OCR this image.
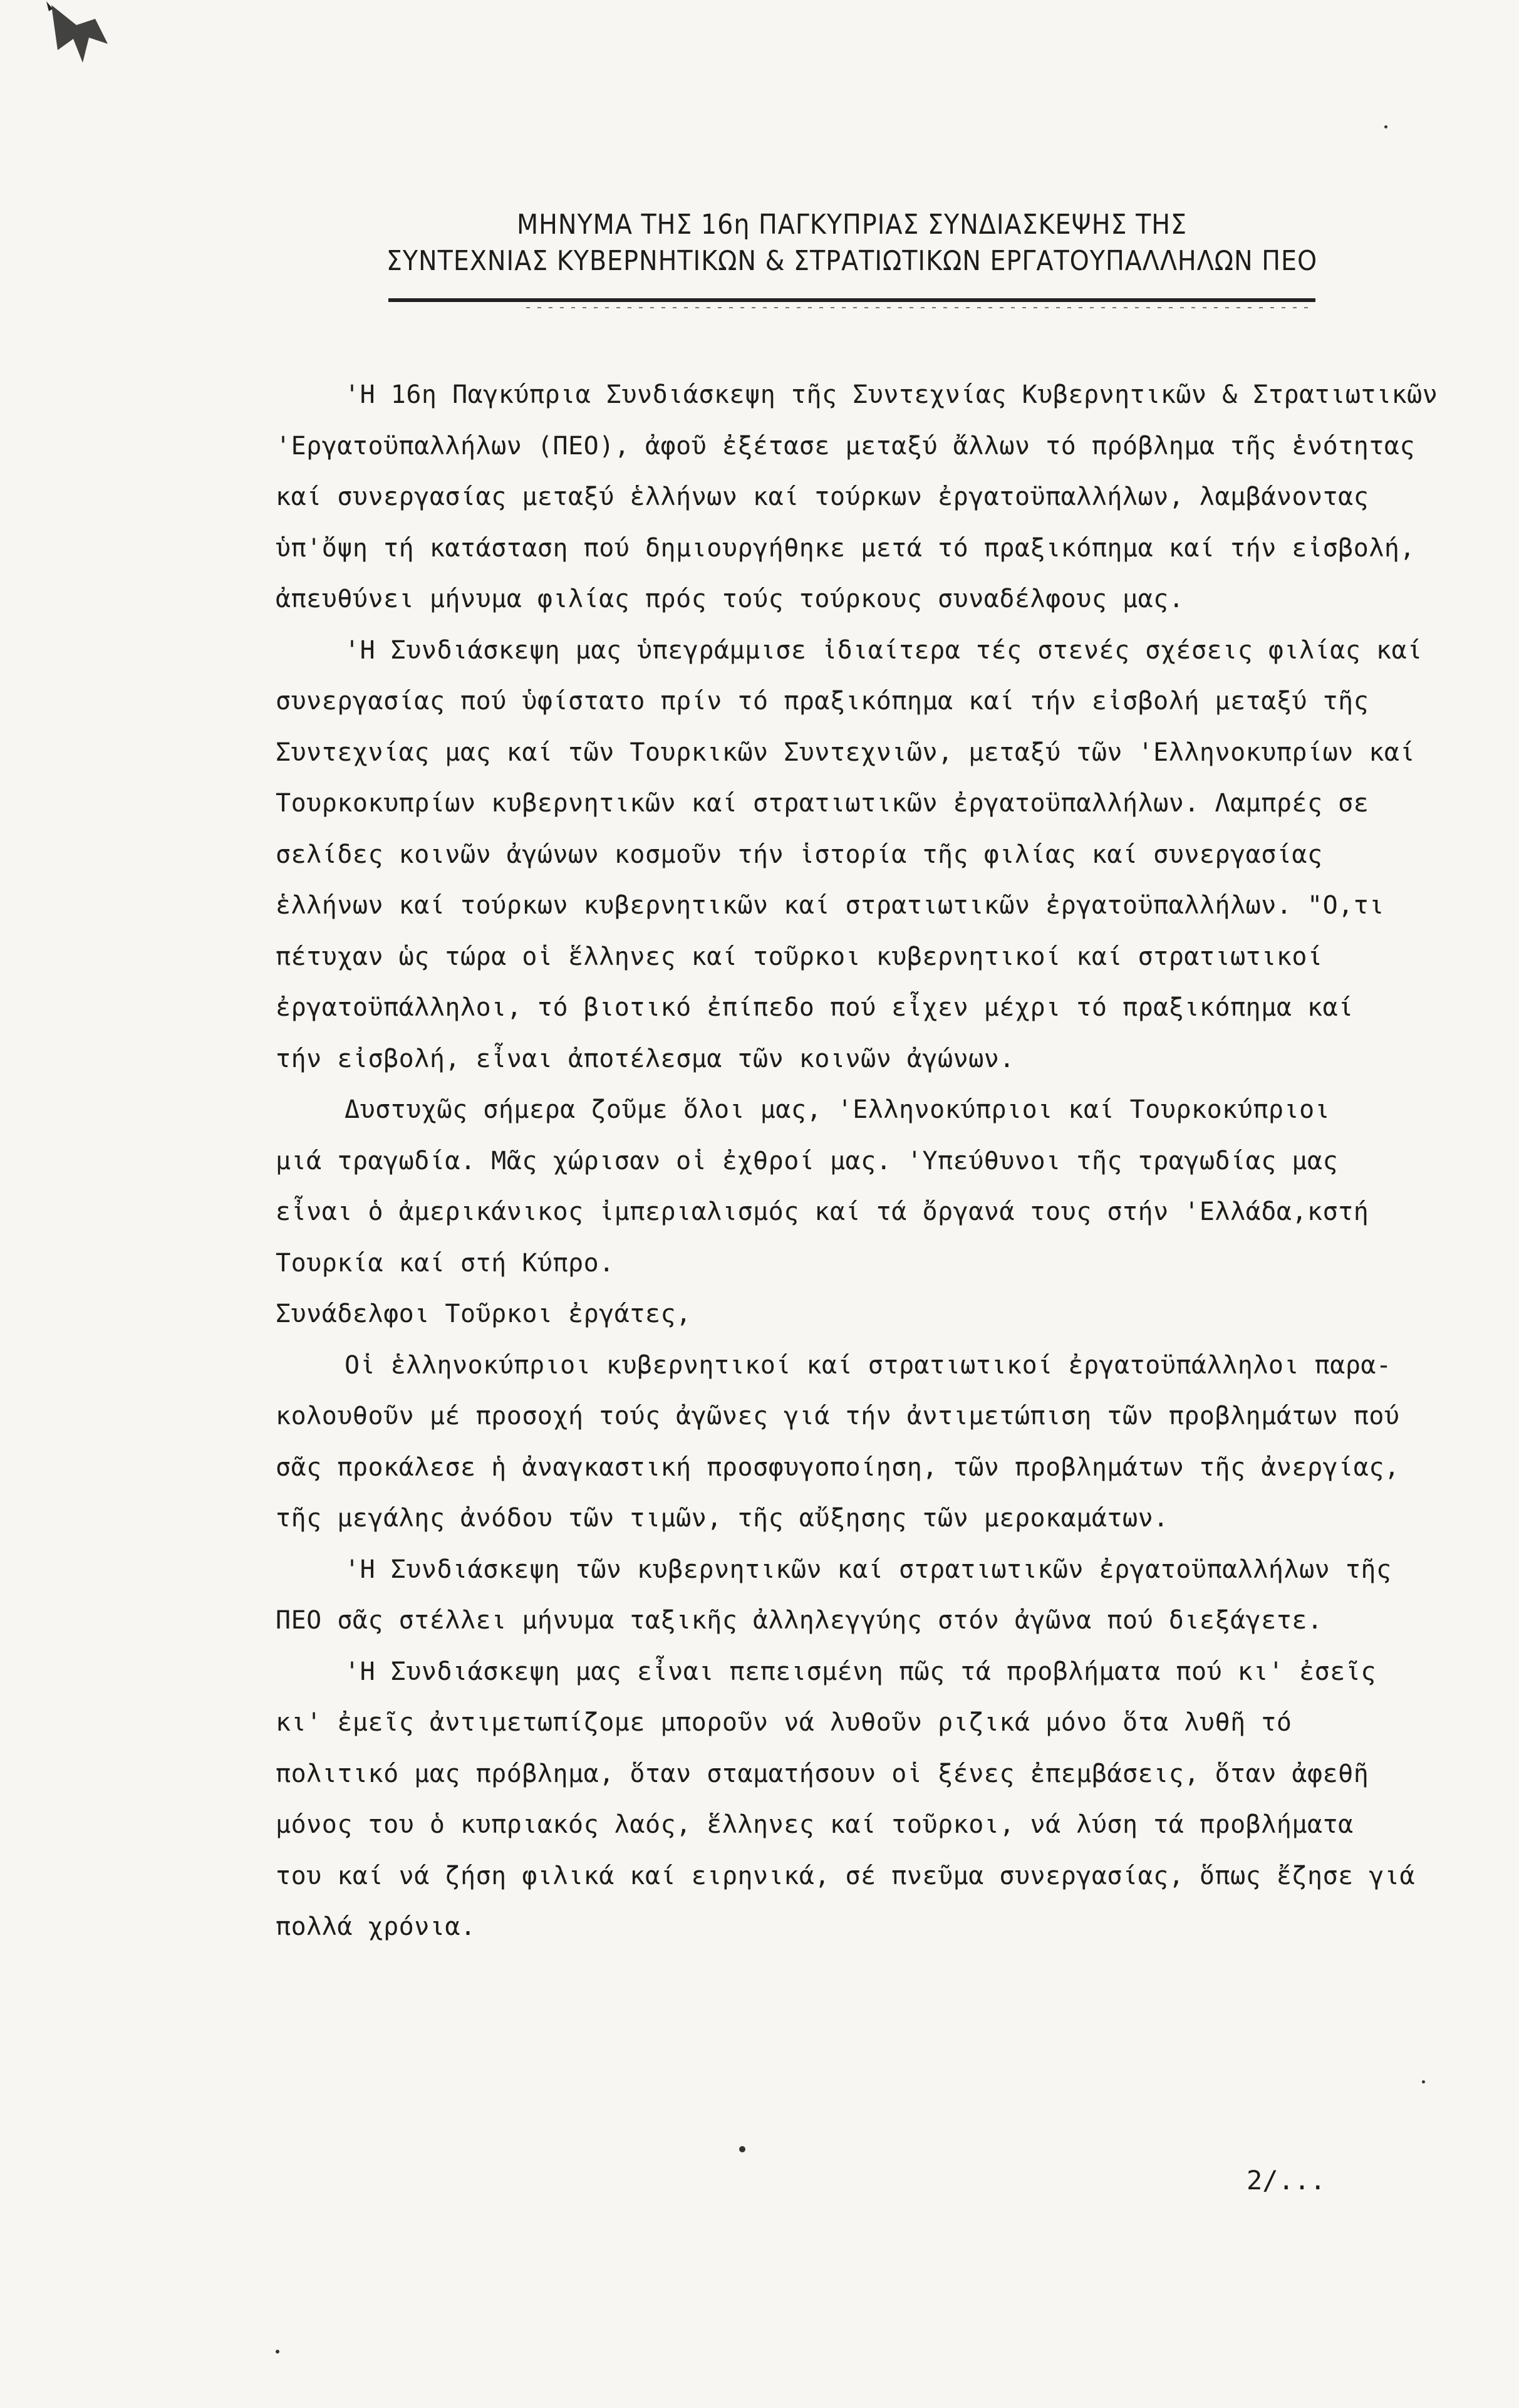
ΜΗΝΥΜΑ ΤΗΣ 16η ΠΑΓΚΥΠΡΙΑΣ ΣΥΝΔΙΑΣΚΕΨΗΣ ΤΗΣ
ΣΥΝΤΕΧΝΙΑΣ ΚΥΒΕΡΝΗΤΙΚΩΝ & ΣΤΡΑΤΙΩΤΙΚΩΝ ΕΡΓΑΤΟΥΠΑΛΛΗΛΩΝ ΠΕΟ
'Η 16η Παγκύπρια Συνδιάσκεψη τῆς Συντεχνίας Κυβερνητικῶν & Στρατιωτικῶν
'Εργατοϋπαλλήλων (ΠΕΟ), ἀφοῦ ἐξέτασε μεταξύ ἄλλων τό πρόβλημα τῆς ἑνότητας
καί συνεργασίας μεταξύ ἑλλήνων καί τούρκων ἐργατοϋπαλλήλων, λαμβάνοντας
ὑπ'ὄψη τή κατάσταση πού δημιουργήθηκε μετά τό πραξικόπημα καί τήν εἰσβολή,
ἀπευθύνει μήνυμα φιλίας πρός τούς τούρκους συναδέλφους μας.
'Η Συνδιάσκεψη μας ὑπεγράμμισε ἰδιαίτερα τές στενές σχέσεις φιλίας καί
συνεργασίας πού ὑφίστατο πρίν τό πραξικόπημα καί τήν εἰσβολή μεταξύ τῆς
Συντεχνίας μας καί τῶν Τουρκικῶν Συντεχνιῶν, μεταξύ τῶν 'Ελληνοκυπρίων καί
Τουρκοκυπρίων κυβερνητικῶν καί στρατιωτικῶν ἐργατοϋπαλλήλων. Λαμπρές σε
σελίδες κοινῶν ἀγώνων κοσμοῦν τήν ἱστορία τῆς φιλίας καί συνεργασίας
ἑλλήνων καί τούρκων κυβερνητικῶν καί στρατιωτικῶν ἐργατοϋπαλλήλων. "Ο,τι
πέτυχαν ὡς τώρα οἱ ἕλληνες καί τοῦρκοι κυβερνητικοί καί στρατιωτικοί
ἐργατοϋπάλληλοι, τό βιοτικό ἐπίπεδο πού εἶχεν μέχρι τό πραξικόπημα καί
τήν εἰσβολή, εἶναι ἀποτέλεσμα τῶν κοινῶν ἀγώνων.
Δυστυχῶς σήμερα ζοῦμε ὅλοι μας, 'Ελληνοκύπριοι καί Τουρκοκύπριοι
μιά τραγωδία. Μᾶς χώρισαν οἱ ἐχθροί μας. 'Υπεύθυνοι τῆς τραγωδίας μας
εἶναι ὁ ἀμερικάνικος ἰμπεριαλισμός καί τά ὄργανά τους στήν 'Ελλάδα,κστή
Τουρκία καί στή Κύπρο.
Συνάδελφοι Τοῦρκοι ἐργάτες,
Οἱ ἑλληνοκύπριοι κυβερνητικοί καί στρατιωτικοί ἐργατοϋπάλληλοι παρα-
κολουθοῦν μέ προσοχή τούς ἀγῶνες γιά τήν ἀντιμετώπιση τῶν προβλημάτων πού
σᾶς προκάλεσε ἡ ἀναγκαστική προσφυγοποίηση, τῶν προβλημάτων τῆς ἀνεργίας,
τῆς μεγάλης ἀνόδου τῶν τιμῶν, τῆς αὔξησης τῶν μεροκαμάτων.
'Η Συνδιάσκεψη τῶν κυβερνητικῶν καί στρατιωτικῶν ἐργατοϋπαλλήλων τῆς
ΠΕΟ σᾶς στέλλει μήνυμα ταξικῆς ἀλληλεγγύης στόν ἀγῶνα πού διεξάγετε.
'Η Συνδιάσκεψη μας εἶναι πεπεισμένη πῶς τά προβλήματα πού κι' ἐσεῖς
κι' ἐμεῖς ἀντιμετωπίζομε μποροῦν νά λυθοῦν ριζικά μόνο ὅτα λυθῆ τό
πολιτικό μας πρόβλημα, ὅταν σταματήσουν οἱ ξένες ἐπεμβάσεις, ὅταν ἀφεθῆ
μόνος του ὁ κυπριακός λαός, ἕλληνες καί τοῦρκοι, νά λύση τά προβλήματα
του καί νά ζήση φιλικά καί ειρηνικά, σέ πνεῦμα συνεργασίας, ὅπως ἔζησε γιά
πολλά χρόνια.
2/...
